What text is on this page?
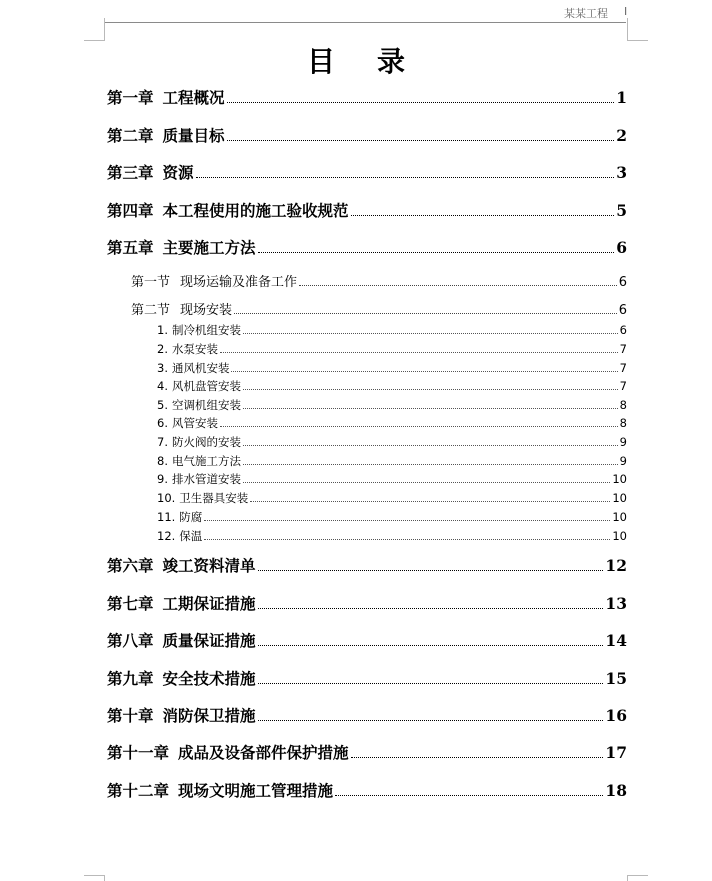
某某工程 I
目录
第一章 工程概况	1
第二章 质量目标	2
第三章 资源	3
第四章 本工程使用的施工验收规范	5
第五章 主要施工方法	6
第一节 现场运输及准备工作	6
第二节 现场安装	6
1. 制冷机组安装	6
2. 水泵安装	7
3. 通风机安装	7
4. 风机盘管安装	7
5. 空调机组安装	8
6. 风管安装	8
7. 防火阀的安装	9
8. 电气施工方法	9
9. 排水管道安装	10
10. 卫生器具安装	10
11. 防腐	10
12. 保温	10
第六章 竣工资料清单	12
第七章 工期保证措施	13
第八章 质量保证措施	14
第九章 安全技术措施	15
第十章 消防保卫措施	16
第十一章 成品及设备部件保护措施	17
第十二章 现场文明施工管理措施	18
